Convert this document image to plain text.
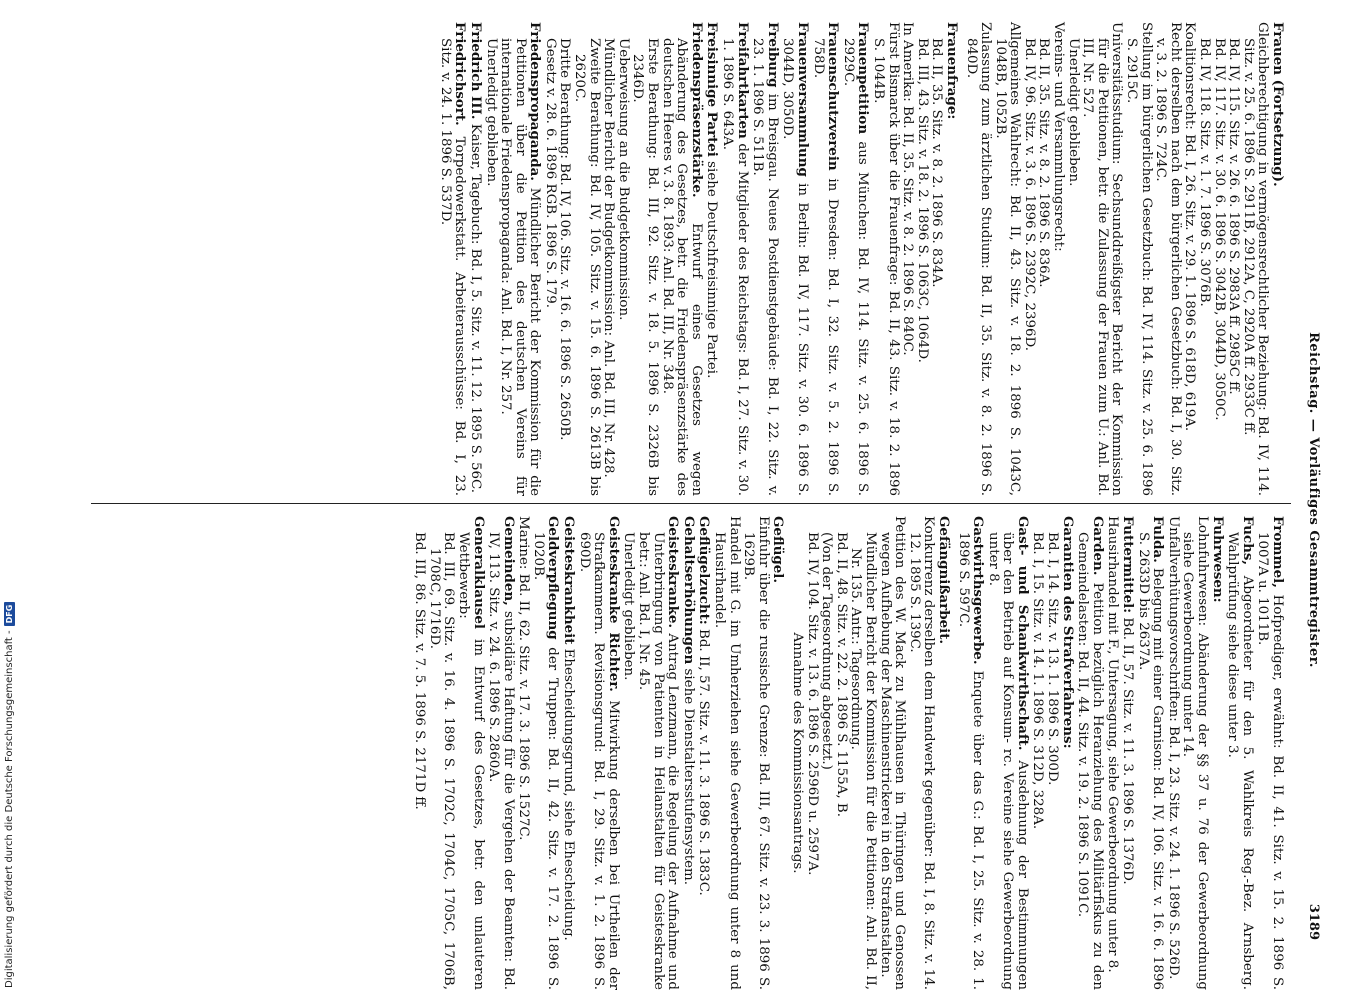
Reichstag. — Vorläufiges Gesammtregister.
3189

Frauen (Fortsetzung).

Gleichberechtigung in vermögensrechtlicher Beziehung: Bd. IV, 114. Sitz. v. 25. 6. 1896 S. 2911B, 2912A, C, 2920A ff. 2933C ff.

Bd. IV, 115. Sitz. v. 26. 6. 1896 S. 2983A ff. 2985C ff.

Bd. IV, 117. Sitz. v. 30. 6. 1896 S. 3042B, 3044D, 3050C.

Bd. IV, 118. Sitz. v. 1. 7. 1896 S. 3076B.

Koalitionsrecht: Bd. I, 26. Sitz. v. 29. 1. 1896 S. 618D, 619A.

Recht derselben nach dem bürgerlichen Gesetzbuch: Bd. I, 30. Sitz. v. 3. 2. 1896 S. 724C.

Stellung im bürgerlichen Gesetzbuch: Bd. IV, 114. Sitz. v. 25. 6. 1896 S. 2915C.

Universitätsstudium: Sechsunddreißigster Bericht der Kommission für die Petitionen, betr. die Zulassung der Frauen zum U.: Anl. Bd. III, Nr. 527.

Unerledigt geblieben.

Vereins- und Versammlungsrecht:

Bd. II, 35. Sitz. v. 8. 2. 1896 S. 836A.

Bd. IV, 96. Sitz. v. 3. 6. 1896 S. 2392C, 2396D.

Allgemeines Wahlrecht: Bd. II, 43. Sitz. v. 18. 2. 1896 S. 1043C, 1048B, 1052B.

Zulassung zum ärztlichen Studium: Bd. II, 35. Sitz. v. 8. 2. 1896 S. 840D.

Frauenfrage:

Bd. II, 35. Sitz. v. 8. 2. 1896 S. 834A.

Bd. III, 43. Sitz. v. 18. 2. 1896 S. 1063C, 1064D.

In Amerika: Bd. II, 35. Sitz. v. 8. 2. 1896 S. 840C.

Fürst Bismarck über die Frauenfrage: Bd. II, 43. Sitz. v. 18. 2. 1896 S. 1044B.

Frauenpetition aus München: Bd. IV, 114. Sitz. v. 25. 6. 1896 S. 2929C.

Frauenschutzverein in Dresden: Bd. I, 32. Sitz. v. 5. 2. 1896 S. 758D.

Frauenversammlung in Berlin: Bd. IV, 117. Sitz. v. 30. 6. 1896 S. 3044D, 3050D.

Freiburg im Breisgau. Neues Postdienstgebäude: Bd. I, 22. Sitz. v. 23. 1. 1896 S. 511B.

Freifahrtkarten der Mitglieder des Reichstags: Bd. I, 27. Sitz. v. 30. 1. 1896 S. 643A.

Freisinnige Partei siehe Deutschfreisinnige Partei.

Friedenspräsenzstärke. Entwurf eines Gesetzes wegen Abänderung des Gesetzes, betr. die Friedenspräsenzstärke des deutschen Heeres v. 3. 8. 1893: Anl. Bd. III, Nr. 348.

Erste Berathung: Bd. III, 92. Sitz. v. 18. 5. 1896 S. 2326B bis 2346D.

Ueberweisung an die Budgetkommission.

Mündlicher Bericht der Budgetkommission: Anl. Bd. III, Nr. 428.

Zweite Berathung: Bd. IV, 105. Sitz. v. 15. 6. 1896 S. 2613B bis 2620C.

Dritte Berathung: Bd. IV, 106. Sitz. v. 16. 6. 1896 S. 2650B.

Gesetz v. 28. 6. 1896 RGB. 1896 S. 179.

Friedenspropaganda. Mündlicher Bericht der Kommission für die Petitionen über die Petition des deutschen Vereins für internationale Friedenspropaganda: Anl. Bd. I, Nr. 257.

Unerledigt geblieben.

Friedrich III. Kaiser, Tagebuch: Bd. I, 5. Sitz. v. 11. 12. 1895 S. 56C.

Friedrichsort. Torpedowerkstatt. Arbeiterausschüsse: Bd. I, 23. Sitz. v. 24. 1. 1896 S. 537D.

Frommel, Hofprediger, erwähnt: Bd. II, 41. Sitz. v. 15. 2. 1896 S. 1007A u. 1011B.

Fuchs, Abgeordneter für den 5. Wahlkreis Reg.-Bez. Arnsberg. Wahlprüfung siehe diese unter 3.

Fuhrwesen:

Lohnfuhrwesen: Abänderung der §§ 37 u. 76 der Gewerbeordnung siehe Gewerbeordnung unter 14.

Unfallverhütungsvorschriften: Bd. I, 23. Sitz. v. 24. 1. 1896 S. 526D.

Fulda. Belegung mit einer Garnison: Bd. IV, 106. Sitz. v. 16. 6. 1896 S. 2633D bis 2637A.

Futtermittel: Bd. II, 57. Sitz. v. 11. 3. 1896 S. 1376D.

Hausirhandel mit F., Untersagung, siehe Gewerbeordnung unter 8.

Garden. Petition bezüglich Heranziehung des Militärfiskus zu den Gemeindelasten: Bd. II, 44. Sitz. v. 19. 2. 1896 S. 1091C.

Garantien des Strafverfahrens:

Bd. I, 14. Sitz. v. 13. 1. 1896 S. 300D.

Bd. I, 15. Sitz. v. 14. 1. 1896 S. 312D, 328A.

Gast- und Schankwirthschaft. Ausdehnung der Bestimmungen über den Betrieb auf Konsum- rc. Vereine siehe Gewerbeordnung unter 8.

Gastwirthsgewerbe. Enquete über das G.: Bd. I, 25. Sitz. v. 28. 1. 1896 S. 597C.

Gefängnißarbeit.

Konkurrenz derselben dem Handwerk gegenüber: Bd. I, 8. Sitz. v. 14. 12. 1895 S. 139C.

Petition des W. Mack zu Mühlhausen in Thüringen und Genossen wegen Aufhebung der Maschinenstrickerei in den Strafanstalten.

Mündlicher Bericht der Kommission für die Petitionen: Anl. Bd. II, Nr. 135. Antr.: Tagesordnung.

Bd. II, 48. Sitz. v. 22. 2. 1896 S. 1155A, B.

(Von der Tagesordnung abgesetzt.)

Bd. IV, 104. Sitz. v. 13. 6. 1896 S. 2596D u. 2597A.

Annahme des Kommissionsantrags.

Geflügel.

Einfuhr über die russische Grenze: Bd. III, 67. Sitz. v. 23. 3. 1896 S. 1629B.

Handel mit G. im Umherziehen siehe Gewerbeordnung unter 8 und Hausirhandel.

Geflügelzucht: Bd. II, 57. Sitz. v. 11. 3. 1896 S. 1383C.

Gehaltserhöhungen siehe Dienstaltersstufensystem.

Geisteskranke. Antrag Lenzmann, die Regelung der Aufnahme und Unterbringung von Patienten in Heilanstalten für Geisteskranke betr.: Anl. Bd. I, Nr. 45.

Unerledigt geblieben.

Geisteskranke Richter. Mitwirkung derselben bei Urtheilen der Strafkammern. Revisionsgrund: Bd. I, 29. Sitz. v. 1. 2. 1896 S. 690D.

Geisteskrankheit Ehescheidungsgrund, siehe Ehescheidung.

Geldverpflegung der Truppen: Bd. II, 42. Sitz. v. 17. 2. 1896 S. 1020B.

Marine: Bd. II, 62. Sitz. v. 17. 3. 1896 S. 1527C.

Gemeinden, subsidiäre Haftung für die Vergehen der Beamten: Bd. IV, 113. Sitz. v. 24. 6. 1896 S. 2860A.

Generalklausel im Entwurf des Gesetzes, betr. den unlauteren Wettbewerb:

Bd. III, 69. Sitz. v. 16. 4. 1896 S. 1702C, 1704C, 1705C, 1706B, 1708C, 1716D.

Bd. III, 86. Sitz. v. 7. 5. 1896 S. 2171D ff.

Digitalisierung gefördert durch die Deutsche Forschungsgemeinschaft -DFG
